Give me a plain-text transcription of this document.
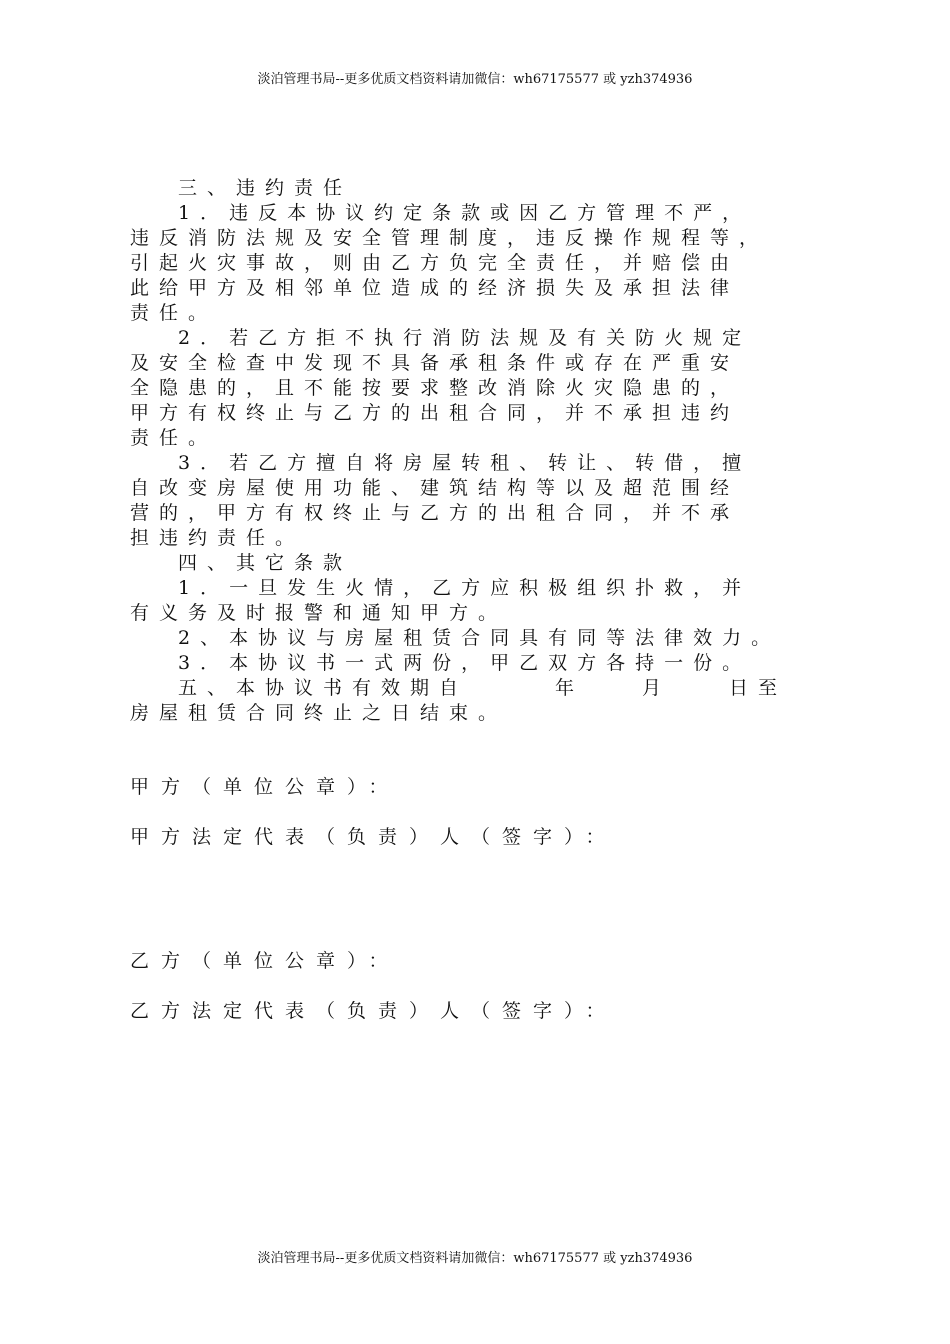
淡泊管理书局--更多优质文档资料请加微信：wh67175577 或 yzh374936
三、违约责任
1．违反本协议约定条款或因乙方管理不严，
违反消防法规及安全管理制度，违反操作规程等，
引起火灾事故，则由乙方负完全责任，并赔偿由
此给甲方及相邻单位造成的经济损失及承担法律
责任。
2．若乙方拒不执行消防法规及有关防火规定
及安全检查中发现不具备承租条件或存在严重安
全隐患的，且不能按要求整改消除火灾隐患的，
甲方有权终止与乙方的出租合同，并不承担违约
责任。
3．若乙方擅自将房屋转租、转让、转借，擅
自改变房屋使用功能、建筑结构等以及超范围经
营的，甲方有权终止与乙方的出租合同，并不承
担违约责任。
四、其它条款
1．一旦发生火情，乙方应积极组织扑救，并
有义务及时报警和通知甲方。
2、本协议与房屋租赁合同具有同等法律效力。
3．本协议书一式两份，甲乙双方各持一份。
五、本协议书有效期自　　　年　　月　　日至
房屋租赁合同终止之日结束。
甲方（单位公章）：
甲方法定代表（负责）人（签字）：
乙方（单位公章）：
乙方法定代表（负责）人（签字）：
淡泊管理书局--更多优质文档资料请加微信：wh67175577 或 yzh374936
